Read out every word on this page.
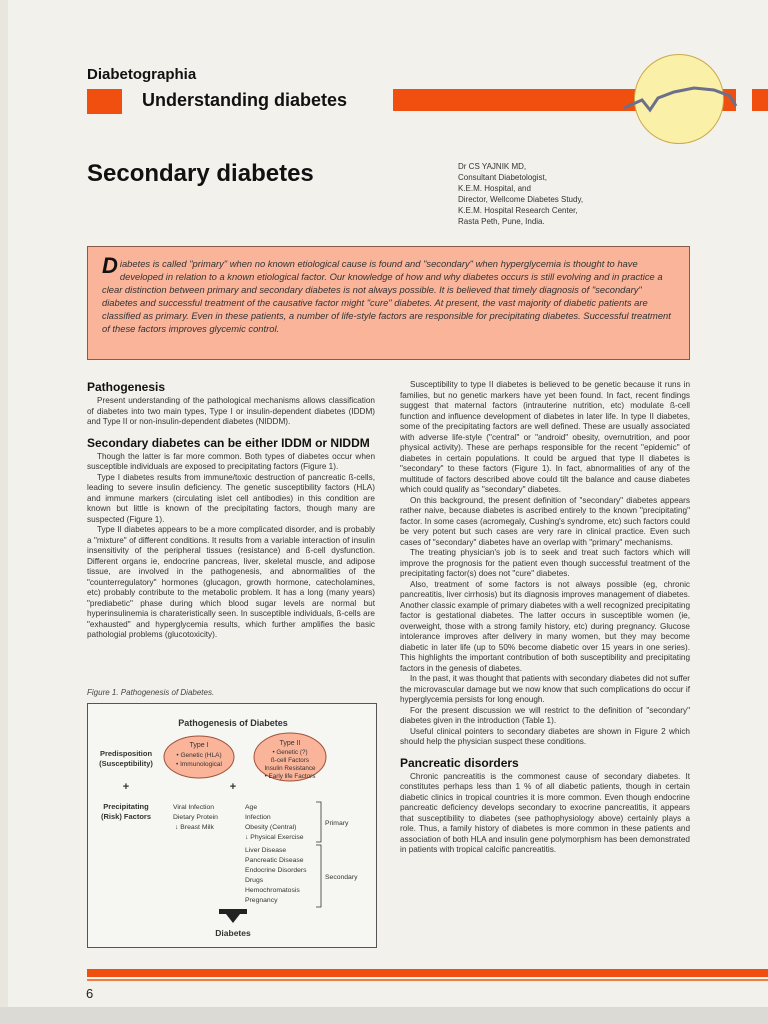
Diabetographia
Understanding diabetes
Secondary diabetes	Dr CS YAJNIK MD,
Consultant Diabetologist,
K.E.M. Hospital, and
Director, Wellcome Diabetes Study,
K.E.M. Hospital Research Center,
Rasta Peth, Pune, India.
Diabetes is called "primary" when no known etiological cause is found and "secondary" when hyperglycemia is thought to have developed in relation to a known etiological factor. Our knowledge of how and why diabetes occurs is still evolving and in practice a clear distinction between primary and secondary diabetes is not always possible. It is believed that timely diagnosis of "secondary" diabetes and successful treatment of the causative factor might "cure" diabetes. At present, the vast majority of diabetic patients are classified as primary. Even in these patients, a number of life-style factors are responsible for precipitating diabetes. Successful treatment of these factors improves glycemic control.
Pathogenesis

Present understanding of the pathological mechanisms allows classification of diabetes into two main types, Type I or insulin-dependent diabetes (IDDM) and Type II or non-insulin-dependent diabetes (NIDDM).

Secondary diabetes can be either IDDM or NIDDM

Though the latter is far more common. Both types of diabetes occur when susceptible individuals are exposed to precipitating factors (Figure 1).

Type I diabetes results from immune/toxic destruction of pancreatic ß-cells, leading to severe insulin deficiency. The genetic susceptibility factors (HLA) and immune markers (circulating islet cell antibodies) in this condition are known but little is known of the precipitating factors, though many are suspected (Figure 1).

Type II diabetes appears to be a more complicated disorder, and is probably a "mixture" of different conditions. It results from a variable interaction of insulin insensitivity of the peripheral tissues (resistance) and ß-cell dysfunction. Different organs ie, endocrine pancreas, liver, skeletal muscle, and adipose tissue, are involved in the pathogenesis, and abnormalities of the "counterregulatory" hormones (glucagon, growth hormone, catecholamines, etc) probably contribute to the metabolic problem. It has a long (many years) "prediabetic" phase during which blood sugar levels are normal but hyperinsulinemia is charateristically seen. In susceptible individuals, ß-cells are "exhausted" and hyperglycemia results, which further amplifies the basic pathologial problems (glucotoxicity).

Figure 1. Pathogenesis of Diabetes.
Pathogenesis of Diabetes
Predisposition
(Susceptibility)
Type I
• Genetic (HLA)
• Immunological
Type II
• Genetic (?)
ß-cell Factors
Insulin Resistance
• Early life Factors
+	+
Precipitating
(Risk) Factors
Viral Infection
Dietary Protein
↓ Breast Milk
Age
Infection
Obesity (Central)
↓ Physical Exercise
Primary
Liver Disease
Pancreatic Disease
Endocrine Disorders
Drugs
Hemochromatosis
Pregnancy
Secondary
Diabetes

Susceptibility to type II diabetes is believed to be genetic because it runs in families, but no genetic markers have yet been found. In fact, recent findings suggest that maternal factors (intrauterine nutrition, etc) modulate ß-cell function and influence development of diabetes in later life. In type II diabetes, some of the precipitating factors are well defined. These are usually associated with adverse life-style ("central" or "android" obesity, overnutrition, and poor physical activity). These are perhaps responsible for the recent "epidemic" of diabetes in certain populations. It could be argued that type II diabetes is "secondary" to these factors (Figure 1). In fact, abnormalities of any of the multitude of factors described above could tilt the balance and cause diabetes which could qualify as "secondary" diabetes.

On this background, the present definition of "secondary" diabetes appears rather naive, because diabetes is ascribed entirely to the known "precipitating" factor. In some cases (acromegaly, Cushing's syndrome, etc) such factors could be very potent but such cases are very rare in clinical practice. Even such cases of "secondary" diabetes have an overlap with "primary" mechanisms.

The treating physician's job is to seek and treat such factors which will improve the prognosis for the patient even though successful treatment of the precipitating factor(s) does not "cure" diabetes.

Also, treatment of some factors is not always possible (eg, chronic pancreatitis, liver cirrhosis) but its diagnosis improves management of diabetes. Another classic example of primary diabetes with a well recognized precipitating factor is gestational diabetes. The latter occurs in susceptible women (ie, overweight, those with a strong family history, etc) during pregnancy. Glucose intolerance improves after delivery in many women, but they may become diabetic in later life (up to 50% become diabetic over 15 years in one series). This highlights the important contribution of both susceptibility and precipitating factors in the genesis of diabetes.

In the past, it was thought that patients with secondary diabetes did not suffer the microvascular damage but we now know that such complications do occur if hyperglycemia persists for long enough.

For the present discussion we will restrict to the definition of "secondary" diabetes given in the introduction (Table 1).

Useful clinical pointers to secondary diabetes are shown in Figure 2 which should help the physician suspect these conditions.

Pancreatic disorders

Chronic pancreatitis is the commonest cause of secondary diabetes. It constitutes perhaps less than 1 % of all diabetic patients, though in certain diabetic clinics in tropical countries it is more common. Even though endocrine pancreatic deficiency develops secondary to exocrine pancreatitis, it appears that susceptibility to diabetes (see pathophysiology above) certainly plays a role. Thus, a family history of diabetes is more common in these patients and association of both HLA and insulin gene polymorphism has been demonstrated in patients with tropical calcific pancreatitis.

6
